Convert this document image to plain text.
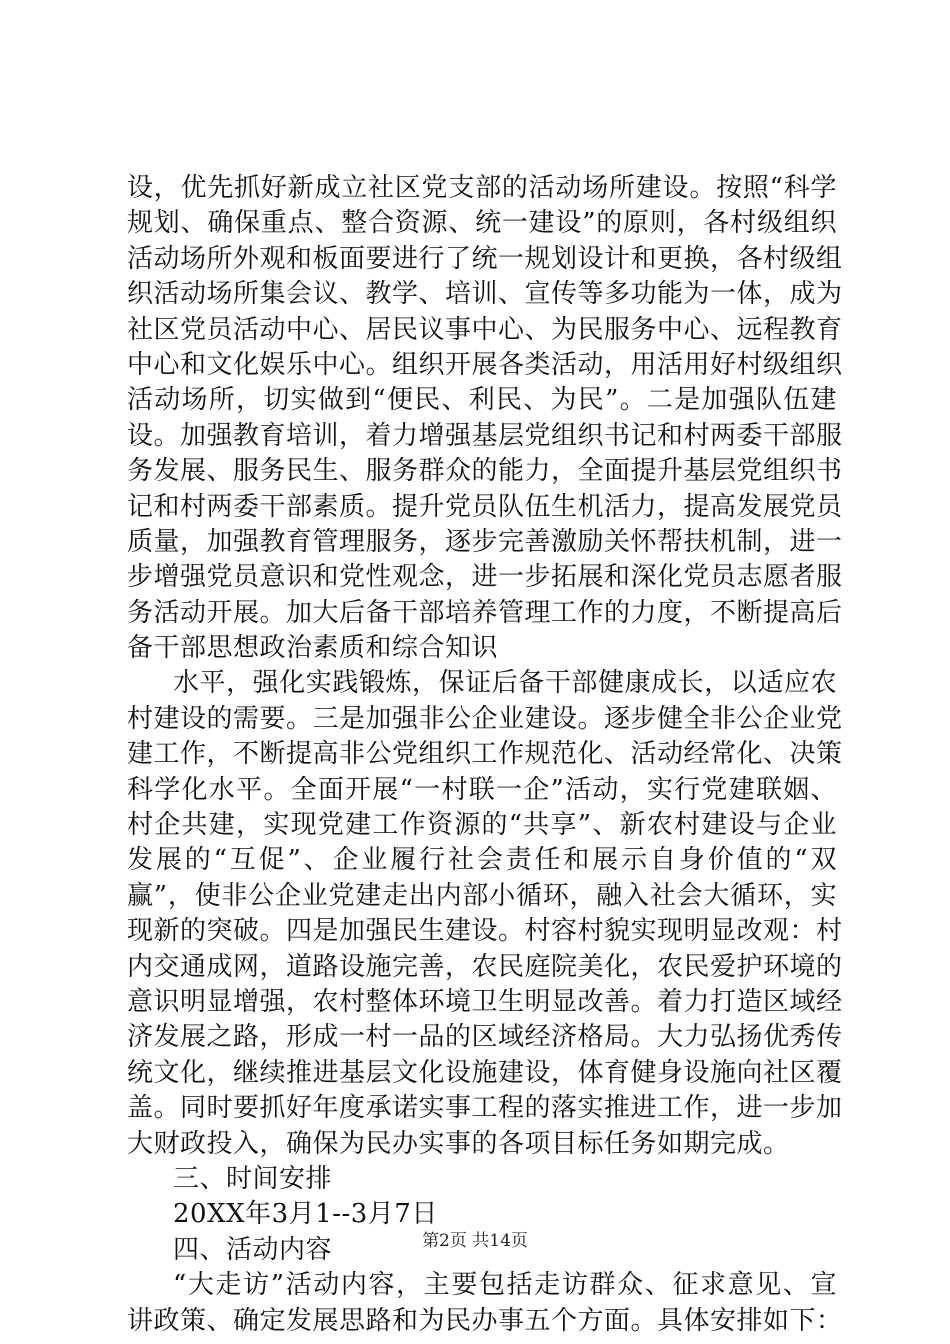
设，优先抓好新成立社区党支部的活动场所建设。按照“科学
规划、确保重点、整合资源、统一建设”的原则，各村级组织
活动场所外观和板面要进行了统一规划设计和更换，各村级组
织活动场所集会议、教学、培训、宣传等多功能为一体，成为
社区党员活动中心、居民议事中心、为民服务中心、远程教育
中心和文化娱乐中心。组织开展各类活动，用活用好村级组织
活动场所，切实做到“便民、利民、为民”。二是加强队伍建
设。加强教育培训，着力增强基层党组织书记和村两委干部服
务发展、服务民生、服务群众的能力，全面提升基层党组织书
记和村两委干部素质。提升党员队伍生机活力，提高发展党员
质量，加强教育管理服务，逐步完善激励关怀帮扶机制，进一
步增强党员意识和党性观念，进一步拓展和深化党员志愿者服
务活动开展。加大后备干部培养管理工作的力度，不断提高后
备干部思想政治素质和综合知识
水平，强化实践锻炼，保证后备干部健康成长，以适应农
村建设的需要。三是加强非公企业建设。逐步健全非公企业党
建工作，不断提高非公党组织工作规范化、活动经常化、决策
科学化水平。全面开展“一村联一企”活动，实行党建联姻、
村企共建，实现党建工作资源的“共享”、新农村建设与企业
发展的“互促”、企业履行社会责任和展示自身价值的“双
赢”，使非公企业党建走出内部小循环，融入社会大循环，实
现新的突破。四是加强民生建设。村容村貌实现明显改观：村
内交通成网，道路设施完善，农民庭院美化，农民爱护环境的
意识明显增强，农村整体环境卫生明显改善。着力打造区域经
济发展之路，形成一村一品的区域经济格局。大力弘扬优秀传
统文化，继续推进基层文化设施建设，体育健身设施向社区覆
盖。同时要抓好年度承诺实事工程的落实推进工作，进一步加
大财政投入，确保为民办实事的各项目标任务如期完成。
三、时间安排
20XX年3月1--3月7日
四、活动内容
“大走访”活动内容，主要包括走访群众、征求意见、宣
讲政策、确定发展思路和为民办事五个方面。具体安排如下：
第2页 共14页
